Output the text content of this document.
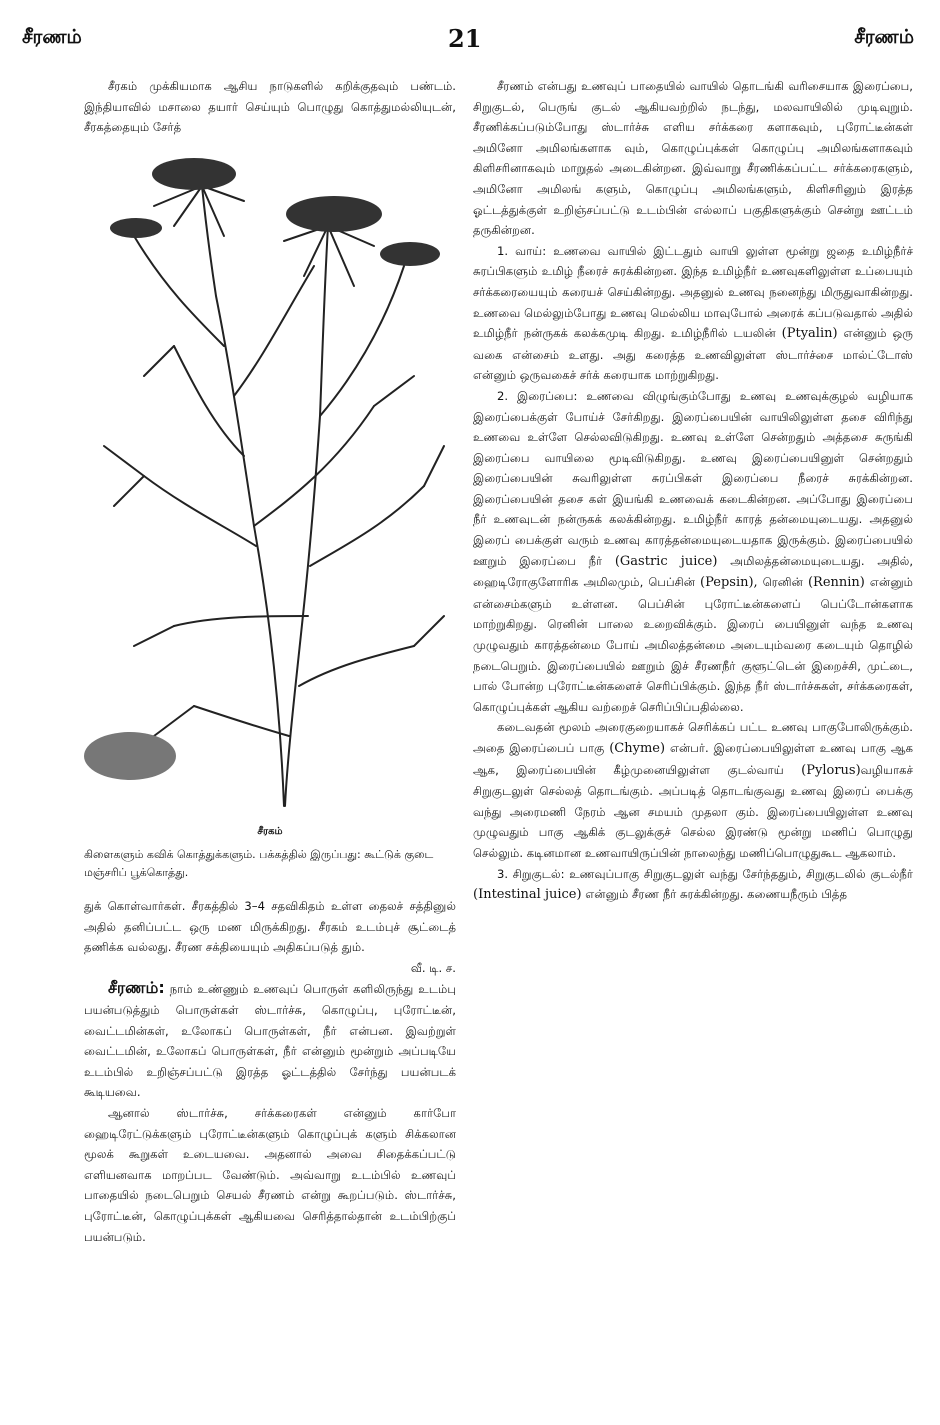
சீரணம்	21	சீரணம்

சீரகம் முக்கியமாக ஆசிய நாடுகளில் கறிக்குதவும் பண்டம். இந்தியாவில் மசாலை தயார் செய்யும் பொழுது கொத்துமல்லியுடன், சீரகத்தையும் சேர்த்

சீரகம்
கிளைகளும் கவிக் கொத்துக்களும். பக்கத்தில் இருப்பது: கூட்டுக் குடை மஞ்சரிப் பூக்கொத்து.

துக் கொள்வார்கள். சீரகத்தில் 3–4 சதவிகிதம் உள்ள தைலச் சத்தினுல் அதில் தனிப்பட்ட ஒரு மண மிருக்கிறது. சீரகம் உடம்புச் சூட்டைத் தணிக்க வல்லது. சீரண சக்தியையும் அதிகப்படுத் தும்.

வீ. டி. ச.

சீரணம்: நாம் உண்ணும் உணவுப் பொருள் களிலிருந்து உடம்பு பயன்படுத்தும் பொருள்கள் ஸ்டார்ச்சு, கொழுப்பு, புரோட்டீன், வைட்டமின்கள், உலோகப் பொருள்கள், நீர் என்பன. இவற்றுள் வைட்டமின், உலோகப் பொருள்கள், நீர் என்னும் மூன்றும் அப்படியே உடம்பில் உறிஞ்சப்பட்டு இரத்த ஓட்டத்தில் சேர்ந்து பயன்படக் கூடியவை.

ஆனால் ஸ்டார்ச்சு, சர்க்கரைகள் என்னும் கார்போ ஹைடிரேட்டுக்களும் புரோட்டீன்களும் கொழுப்புக் களும் சிக்கலான மூலக் கூறுகள் உடையவை. அதனால் அவை சிதைக்கப்பட்டு எளியனவாக மாறப்பட வேண்டும். அவ்வாறு உடம்பில் உணவுப் பாதையில் நடைபெறும் செயல் சீரணம் என்று கூறப்படும். ஸ்டார்ச்சு, புரோட்டீன், கொழுப்புக்கள் ஆகியவை செரித்தால்தான் உடம்பிற்குப் பயன்படும்.

சீரணம் என்பது உணவுப் பாதையில் வாயில் தொடங்கி வரிசையாக இரைப்பை, சிறுகுடல், பெருங் குடல் ஆகியவற்றில் நடந்து, மலவாயிலில் முடிவுறும். சீரணிக்கப்படும்போது ஸ்டார்ச்சு எளிய சர்க்கரை களாகவும், புரோட்டீன்கள் அமினோ அமிலங்களாக வும், கொழுப்புக்கள் கொழுப்பு அமிலங்களாகவும் கிளிசரினாகவும் மாறுதல் அடைகின்றன. இவ்வாறு சீரணிக்கப்பட்ட சர்க்கரைகளும், அமினோ அமிலங் களும், கொழுப்பு அமிலங்களும், கிளிசரினும் இரத்த ஓட்டத்துக்குள் உறிஞ்சப்பட்டு உடம்பின் எல்லாப் பகுதிகளுக்கும் சென்று ஊட்டம் தருகின்றன.

1. வாய்: உணவை வாயில் இட்டதும் வாயி லுள்ள மூன்று ஜதை உமிழ்நீர்ச் சுரப்பிகளும் உமிழ் நீரைச் சுரக்கின்றன. இந்த உமிழ்நீர் உணவுகளிலுள்ள உப்பையும் சர்க்கரையையும் கரையச் செய்கின்றது. அதனுல் உணவு நனைந்து மிருதுவாகின்றது. உணவை மெல்லும்போது உணவு மெல்லிய மாவுபோல் அரைக் கப்படுவதால் அதில் உமிழ்நீர் நன்ருகக் கலக்கமுடி கிறது. உமிழ்நீரில் டயலின் (Ptyalin) என்னும் ஒரு வகை என்சைம் உளது. அது கரைத்த உணவிலுள்ள ஸ்டார்ச்சை மால்ட்டோஸ் என்னும் ஒருவகைச் சர்க் கரையாக மாற்றுகிறது.

2. இரைப்பை: உணவை விழுங்கும்போது உணவு உணவுக்குழல் வழியாக இரைப்பைக்குள் போய்ச் சேர்கிறது. இரைப்பையின் வாயிலிலுள்ள தசை விரிந்து உணவை உள்ளே செல்லவிடுகிறது. உணவு உள்ளே சென்றதும் அத்தசை சுருங்கி இரைப்பை வாயிலை மூடிவிடுகிறது. உணவு இரைப்பையினுள் சென்றதும் இரைப்பையின் சுவரிலுள்ள சுரப்பிகள் இரைப்பை நீரைச் சுரக்கின்றன. இரைப்பையின் தசை கள் இயங்கி உணவைக் கடைகின்றன. அப்போது இரைப்பை நீர் உணவுடன் நன்ருகக் கலக்கின்றது. உமிழ்நீர் காரத் தன்மையுடையது. அதனுல் இரைப் பைக்குள் வரும் உணவு காரத்தன்மையுடையதாக இருக்கும். இரைப்பையில் ஊறும் இரைப்பை நீர் (Gastric juice) அமிலத்தன்மையுடையது. அதில், ஹைடிரோகுளோரிக அமிலமும், பெப்சின் (Pepsin), ரெனின் (Rennin) என்னும் என்சைம்களும் உள்ளன. பெப்சின் புரோட்டீன்களைப் பெப்டோன்களாக மாற்றுகிறது. ரெனின் பாலை உறைவிக்கும். இரைப் பையினுள் வந்த உணவு முழுவதும் காரத்தன்மை போய் அமிலத்தன்மை அடையும்வரை கடையும் தொழில் நடைபெறும். இரைப்பையில் ஊறும் இச் சீரணநீர் குளூட்டென் இறைச்சி, முட்டை, பால் போன்ற புரோட்டீன்களைச் செரிப்பிக்கும். இந்த நீர் ஸ்டார்ச்சுகள், சர்க்கரைகள், கொழுப்புக்கள் ஆகிய வற்றைச் செரிப்பிப்பதில்லை.

கடைவதன் மூலம் அரைகுறையாகச் செரிக்கப் பட்ட உணவு பாகுபோலிருக்கும். அதை இரைப்பைப் பாகு (Chyme) என்பர். இரைப்பையிலுள்ள உணவு பாகு ஆக ஆக, இரைப்பையின் கீழ்முனையிலுள்ள குடல்வாய் (Pylorus)வழியாகச் சிறுகுடலுள் செல்லத் தொடங்கும். அப்படித் தொடங்குவது உணவு இரைப் பைக்கு வந்து அரைமணி நேரம் ஆன சமயம் முதலா கும். இரைப்பையிலுள்ள உணவு முழுவதும் பாகு ஆகிக் குடலுக்குச் செல்ல இரண்டு மூன்று மணிப் பொழுது செல்லும். கடினமான உணவாயிருப்பின் நாலைந்து மணிப்பொழுதுகூட ஆகலாம்.

3. சிறுகுடல்: உணவுப்பாகு சிறுகுடலுள் வந்து சேர்ந்ததும், சிறுகுடலில் குடல்நீர் (Intestinal juice) என்னும் சீரண நீர் சுரக்கின்றது. கணையநீரும் பித்த
